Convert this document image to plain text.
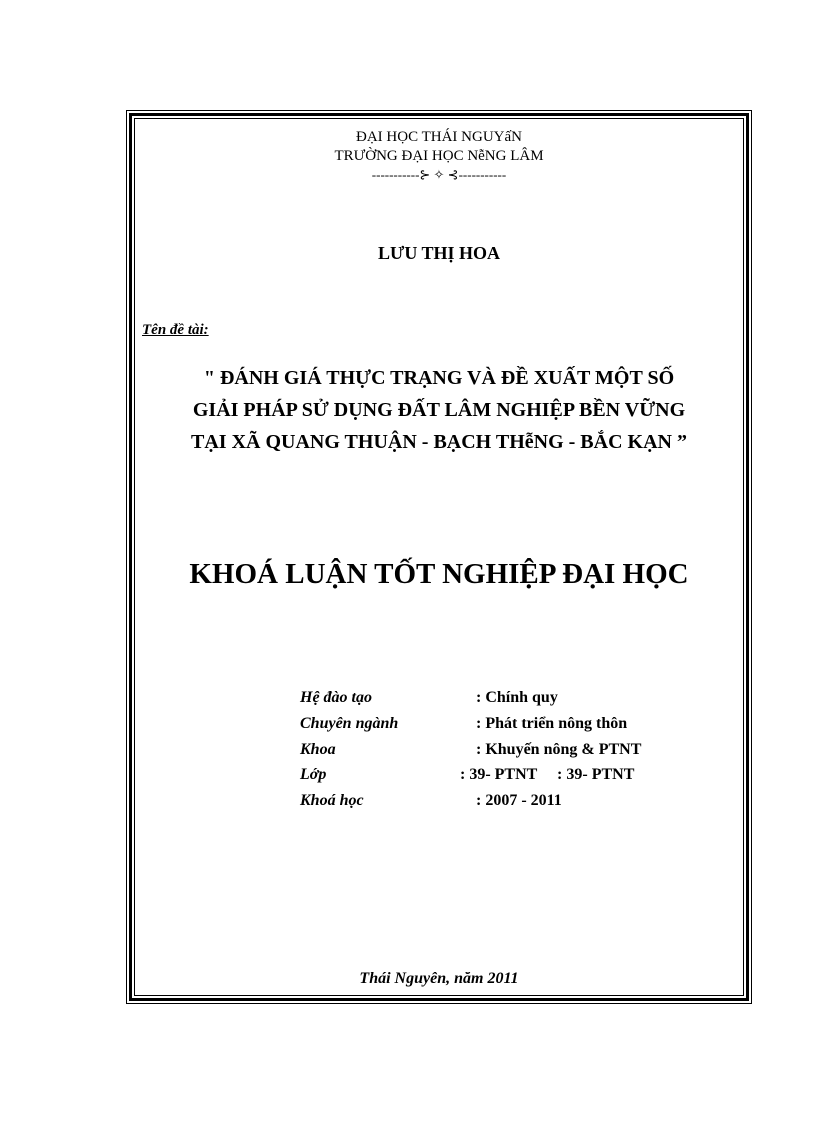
ĐẠI HỌC THÁI NGUYấN
TRƯỜNG ĐẠI HỌC NễNG LÂM
-----------⊱ ✧ ⊰-----------
LƯU THỊ HOA
Tên đề tài:
" ĐÁNH GIÁ THỰC TRẠNG VÀ ĐỀ XUẤT MỘT SỐ
GIẢI PHÁP SỬ DỤNG ĐẤT LÂM NGHIỆP BỀN VỮNG
TẠI XÃ QUANG THUẬN - BẠCH THễNG - BẮC KẠN ”
KHOÁ LUẬN TỐT NGHIỆP ĐẠI HỌC
Hệ đào tạo	: Chính quy
Chuyên ngành	: Phát triển nông thôn
Khoa	: Khuyến nông & PTNT
Lớp	: 39- PTNT     : 39- PTNT
Khoá học	: 2007 - 2011
Thái Nguyên, năm 2011
